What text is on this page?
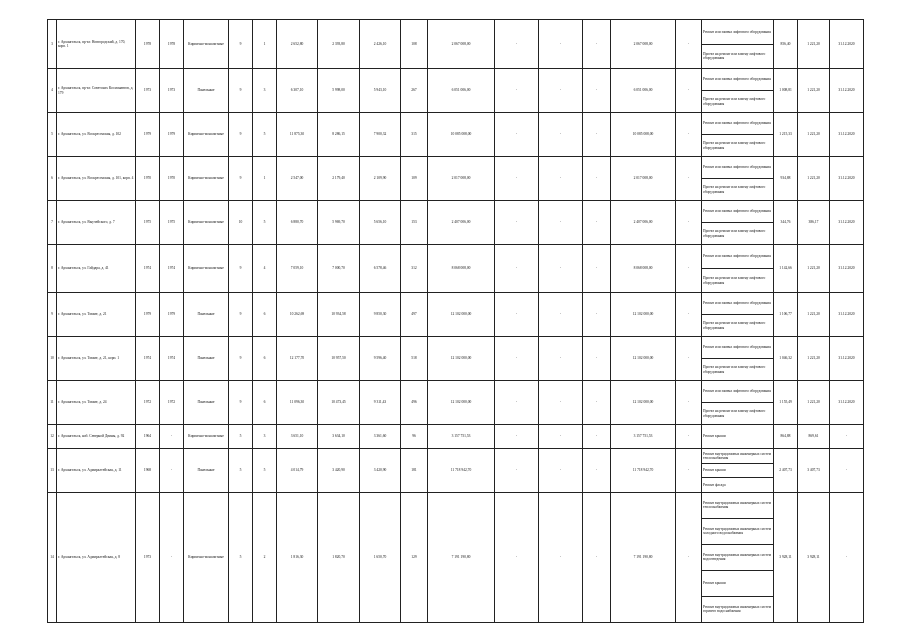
3	г. Архангельск, пр-кт. Новгородский, д. 170, корп. 1	1978	1978	Кирпично-монолитные	9	1	2 652,80	2 393,80	2 426,10	108	2 067 008,00	-	-	-	2 067 008,00	-	Ремонт или замена лифтового оборудования	856,40	1 221,20	31.12.2020
																	Проект на ремонт или замену лифтового оборудования			
4	г. Архангельск, пр-кт. Советских Космонавтов, д. 179	1973	1973	Панельные	9	3	6 307,10	5 998,00	5 943,10	267	6 051 006,00	-	-	-	6 051 006,00	-	Ремонт или замена лифтового оборудования	1 008,81	1 221,20	31.12.2020
																	Проект на ремонт или замену лифтового оборудования			
5	г. Архангельск, ул. Воскресенская, д. 102	1979	1979	Кирпично-монолитные	9	5	11 875,30	8 286,15	7 900,32	315	10 085 008,00	-	-	-	10 085 008,00	-	Ремонт или замена лифтового оборудования	1 215,33	1 221,20	31.12.2020
																	Проект на ремонт или замену лифтового оборудования			
6	г. Архангельск, ул. Воскресенская, д. 101, корп. 4	1970	1970	Кирпично-монолитные	9	1	2 547,00	2 179,40	2 109,90	109	2 017 008,00	-	-	-	2 017 008,00	-	Ремонт или замена лифтового оборудования	934,88	1 221,20	31.12.2020
																	Проект на ремонт или замену лифтового оборудования			
7	г. Архангельск, ул. Выучейского, д. 7	1975	1975	Кирпично-монолитные	10	5	6 880,70	5 969,70	5 656,10	153	2 407 006,00	-	-	-	2 407 006,00	-	Ремонт или замена лифтового оборудования	344,76	386,17	31.12.2020
																	Проект на ремонт или замену лифтового оборудования			
8	г. Архангельск, ул. Гайдара, д. 41	1974	1974	Кирпично-монолитные	9	4	7 059,10	7 000,70	6 578,46	312	8 068 008,00	-	-	-	8 068 008,00	-	Ремонт или замена лифтового оборудования	1 142,66	1 221,20	31.12.2020
																	Проект на ремонт или замену лифтового оборудования			
9	г. Архангельск, ул. Тимме, д. 21	1979	1979	Панельные	9	6	10 262,69	10 934,58	9 850,30	497	12 102 000,00	-	-	-	12 102 000,00	-	Ремонт или замена лифтового оборудования	1 106,77	1 221,20	31.12.2020
																	Проект на ремонт или замену лифтового оборудования			
10	г. Архангельск, ул. Тимме, д. 21, корп. 1	1974	1974	Панельные	9	6	12 177,70	10 957,50	9 596,40	518	12 102 000,00	-	-	-	12 102 000,00	-	Ремонт или замена лифтового оборудования	1 046,32	1 221,20	31.12.2020
																	Проект на ремонт или замену лифтового оборудования			
11	г. Архангельск, ул. Тимме, д. 24	1972	1972	Панельные	9	6	11 096,30	10 473,45	9 311,43	496	12 102 000,00	-	-	-	12 102 000,00	-	Ремонт или замена лифтового оборудования	1 155,49	1 221,20	31.12.2020
																	Проект на ремонт или замену лифтового оборудования			
12	г. Архангельск, наб. Северной Двины, д. 92	1964	-	Кирпично-монолитные	5	3	3 651,10	3 634,10	3 361,60	96	3 157 751,53	-	-	-	3 157 751,53	-	Ремонт крыши	864,88	869,61	-
13	г. Архангельск, ул. Адмиралтейская, д. 11	1968	-	Панельные	5	5	4 014,79	3 420,90	3 420,90	181	11 718 942,70	-	-	-	11 718 942,70	-	Ремонт внутридомовых инженерных систем теплоснабжения	2 407,73	3 407,73	-
																	Ремонт крыши			
																	Ремонт фасада			
14	г. Архангельск, ул. Адмиралтейская, д. 8	1973	-	Кирпично-монолитные	5	2	1 816,30	1 820,70	1 650,70	129	7 191 190,80	-	-	-	7 191 190,80	-	Ремонт внутридомовых инженерных систем теплоснабжения	3 928,11	3 928,11	-
																	Ремонт внутридомовых инженерных систем холодного водоснабжения			
																	Ремонт внутридомовых инженерных систем водоотведения			
																	Ремонт крыши			
																	Ремонт внутридомовых инженерных систем горячего водоснабжения			
